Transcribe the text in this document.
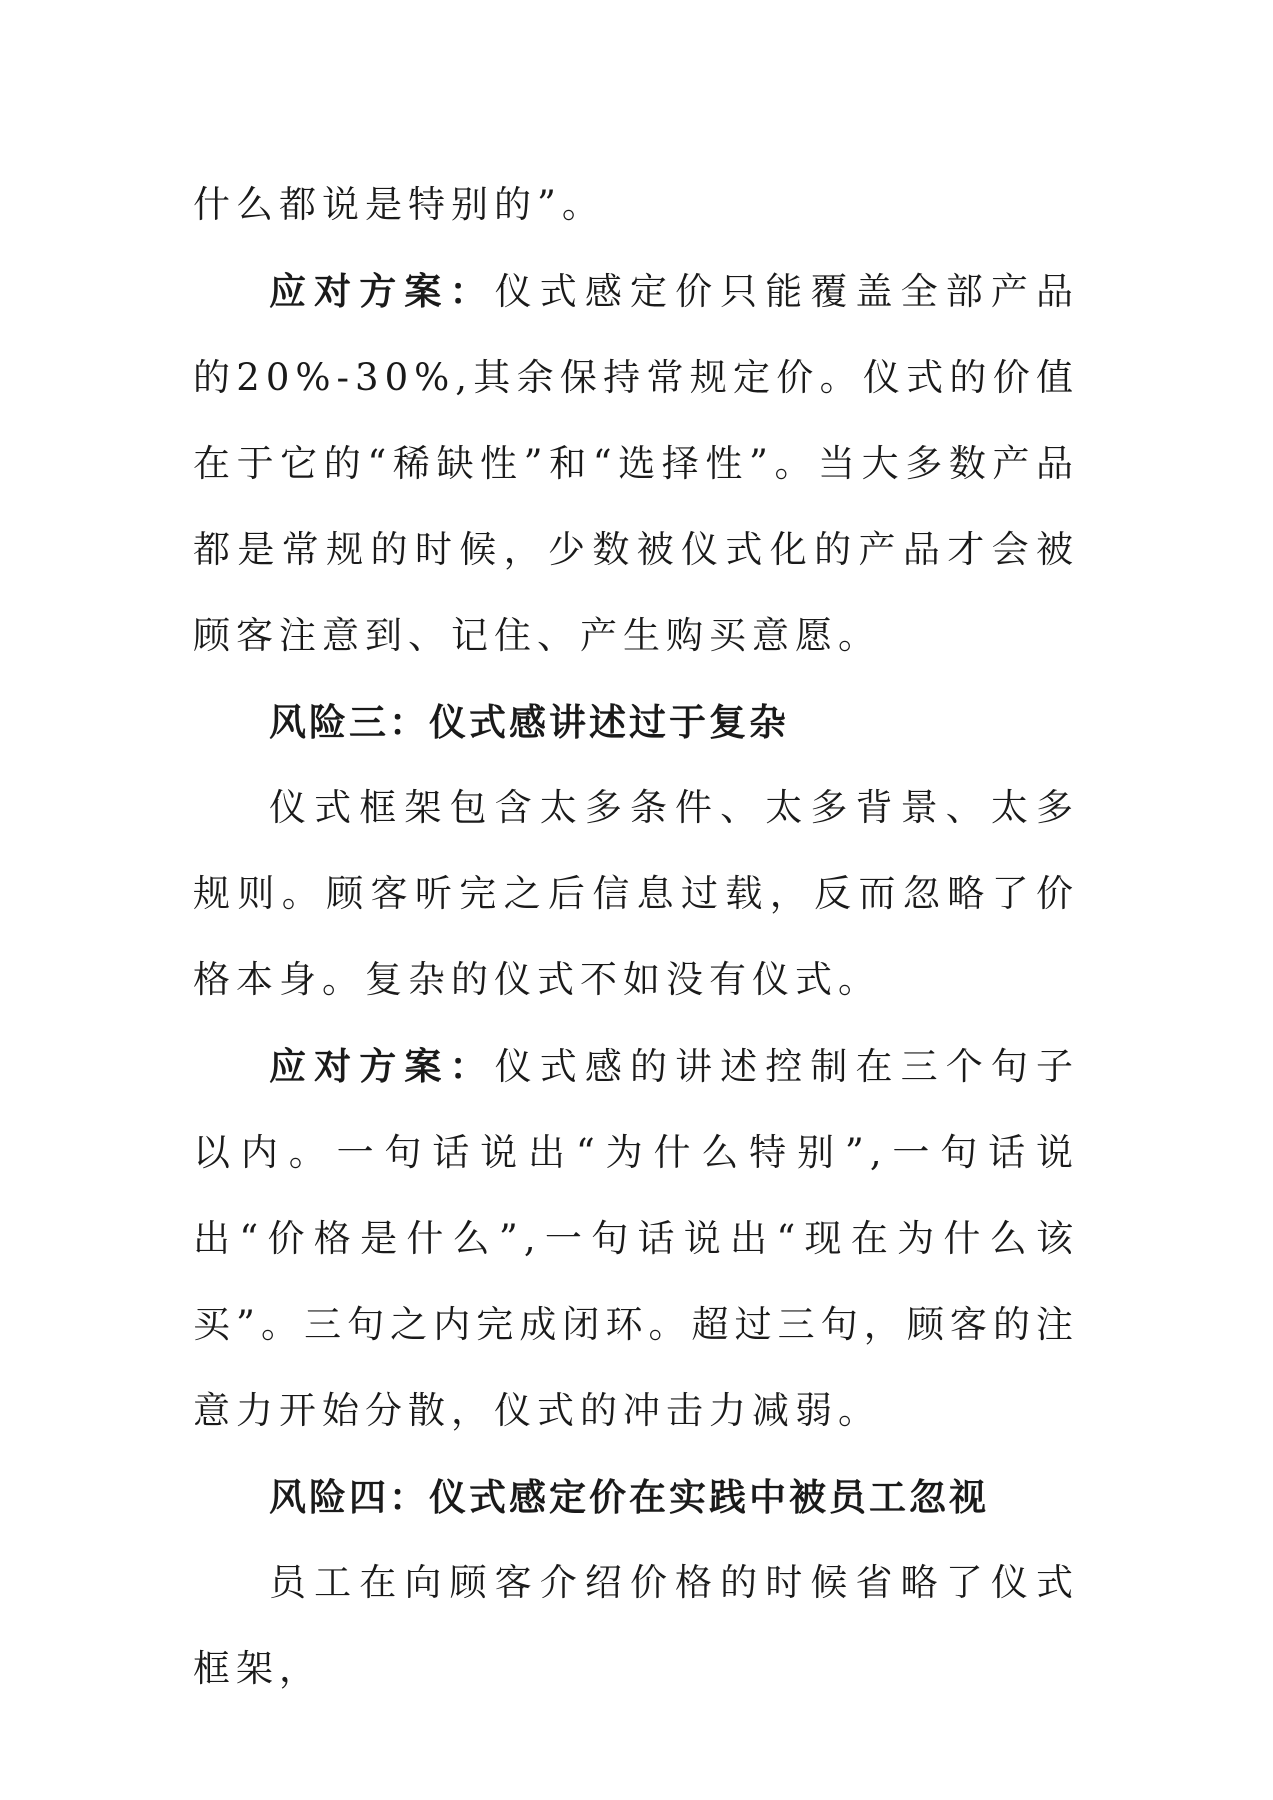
什么都说是特别的”。

应对方案：仪式感定价只能覆盖全部产品的20%-30%,其余保持常规定价。仪式的价值在于它的“稀缺性”和“选择性”。当大多数产品都是常规的时候，少数被仪式化的产品才会被顾客注意到、记住、产生购买意愿。

风险三：仪式感讲述过于复杂

仪式框架包含太多条件、太多背景、太多规则。顾客听完之后信息过载，反而忽略了价格本身。复杂的仪式不如没有仪式。

应对方案：仪式感的讲述控制在三个句子以内。一句话说出“为什么特别”,一句话说出“价格是什么”,一句话说出“现在为什么该买”。三句之内完成闭环。超过三句，顾客的注意力开始分散，仪式的冲击力减弱。

风险四：仪式感定价在实践中被员工忽视

员工在向顾客介绍价格的时候省略了仪式框架，
